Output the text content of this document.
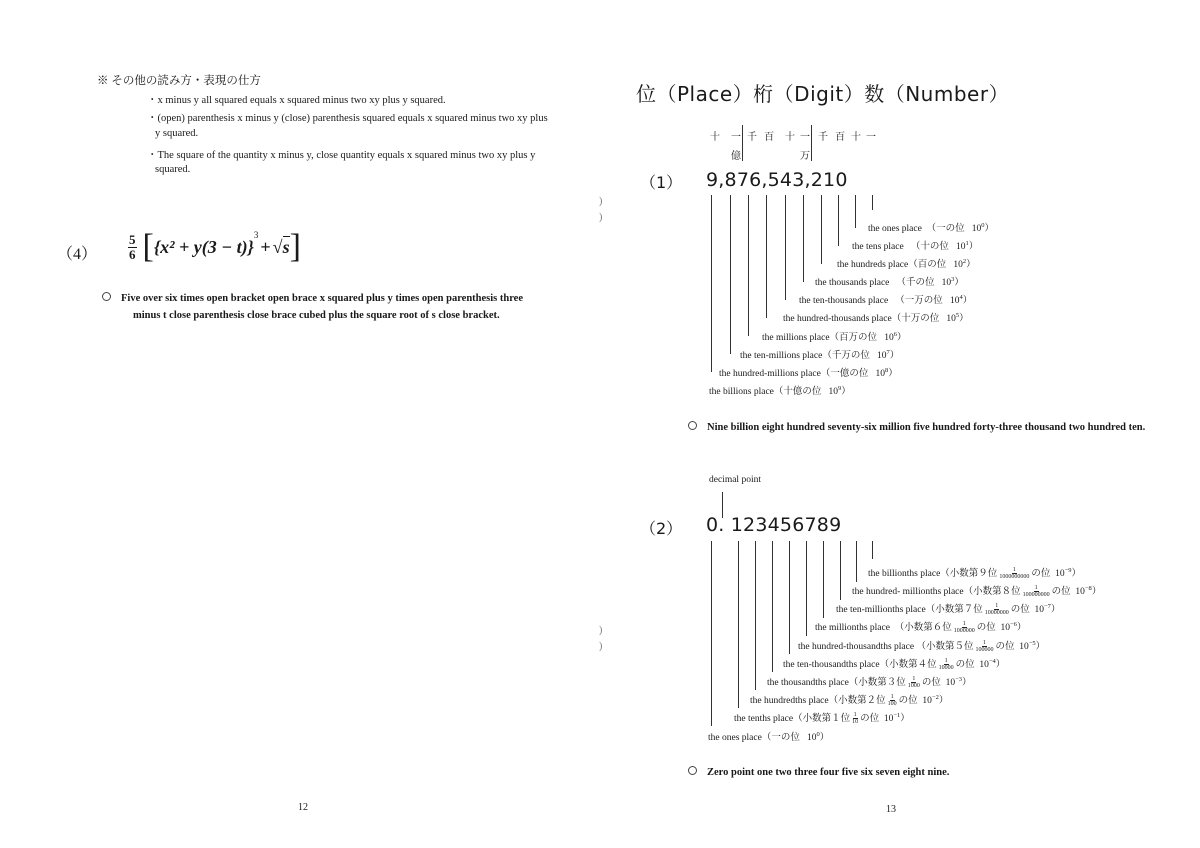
※ その他の読み方・表現の仕方
・x minus y all squared equals x squared minus two xy plus y squared.
・(open) parenthesis x minus y (close) parenthesis squared equals x squared minus two xy plus
y squared.
・The square of the quantity x minus y, close quantity equals x squared minus two xy plus y
squared.
$(4) \frac{5}{6}$ [ {x² + y(3 − t)}
$^3$
+ √ s ]
Five over six times open bracket open brace x squared plus y times open parenthesis three
minus t close parenthesis close brace cubed plus the square root of s close bracket.
12
)
)
)
)
位（Place）桁（Digit）数（Number）
十 一 千 百 十 一 千 百 十 一
億	万
（1） 9,876,543,210
the ones place （一の位 $10^0$）
the tens place （十の位 $10^1$）
the hundreds place（百の位 $10^2$）
the thousands place （千の位 $10^3$）
the ten-thousands place （一万の位 $10^4$）
the hundred-thousands place（十万の位 $10^5$）
the millions place（百万の位 $10^6$）
the ten-millions place（千万の位 $10^7$）
the hundred-millions place（一億の位 $10^8$）
the billions place（十億の位 $10^9$）
Nine billion eight hundred seventy-six million five hundred forty-three thousand two hundred ten.
decimal point
（2） 0. 123456789
the billionths place（小数第９位 $\frac{1}{1000000000}$ の位 $10^{-9}$）
the hundred- millionths place（小数第８位 $\frac{1}{100000000}$ の位 $10^{-8}$）
the ten-millionths place（小数第７位 $\frac{1}{10000000}$ の位 $10^{-7}$）
the millionths place （小数第６位 $\frac{1}{1000000}$ の位 $10^{-6}$）
the hundred-thousandths place （小数第５位 $\frac{1}{100000}$ の位 $10^{-5}$）
the ten-thousandths place（小数第４位 $\frac{1}{10000}$ の位 $10^{-4}$）
the thousandths place（小数第３位 $\frac{1}{1000}$ の位 $10^{-3}$）
the hundredths place（小数第２位 $\frac{1}{100}$ の位 $10^{-2}$）
the tenths place（小数第１位 $\frac{1}{10}$ の位 $10^{-1}$）
the ones place（一の位 $10^0$）
Zero point one two three four five six seven eight nine.
13
